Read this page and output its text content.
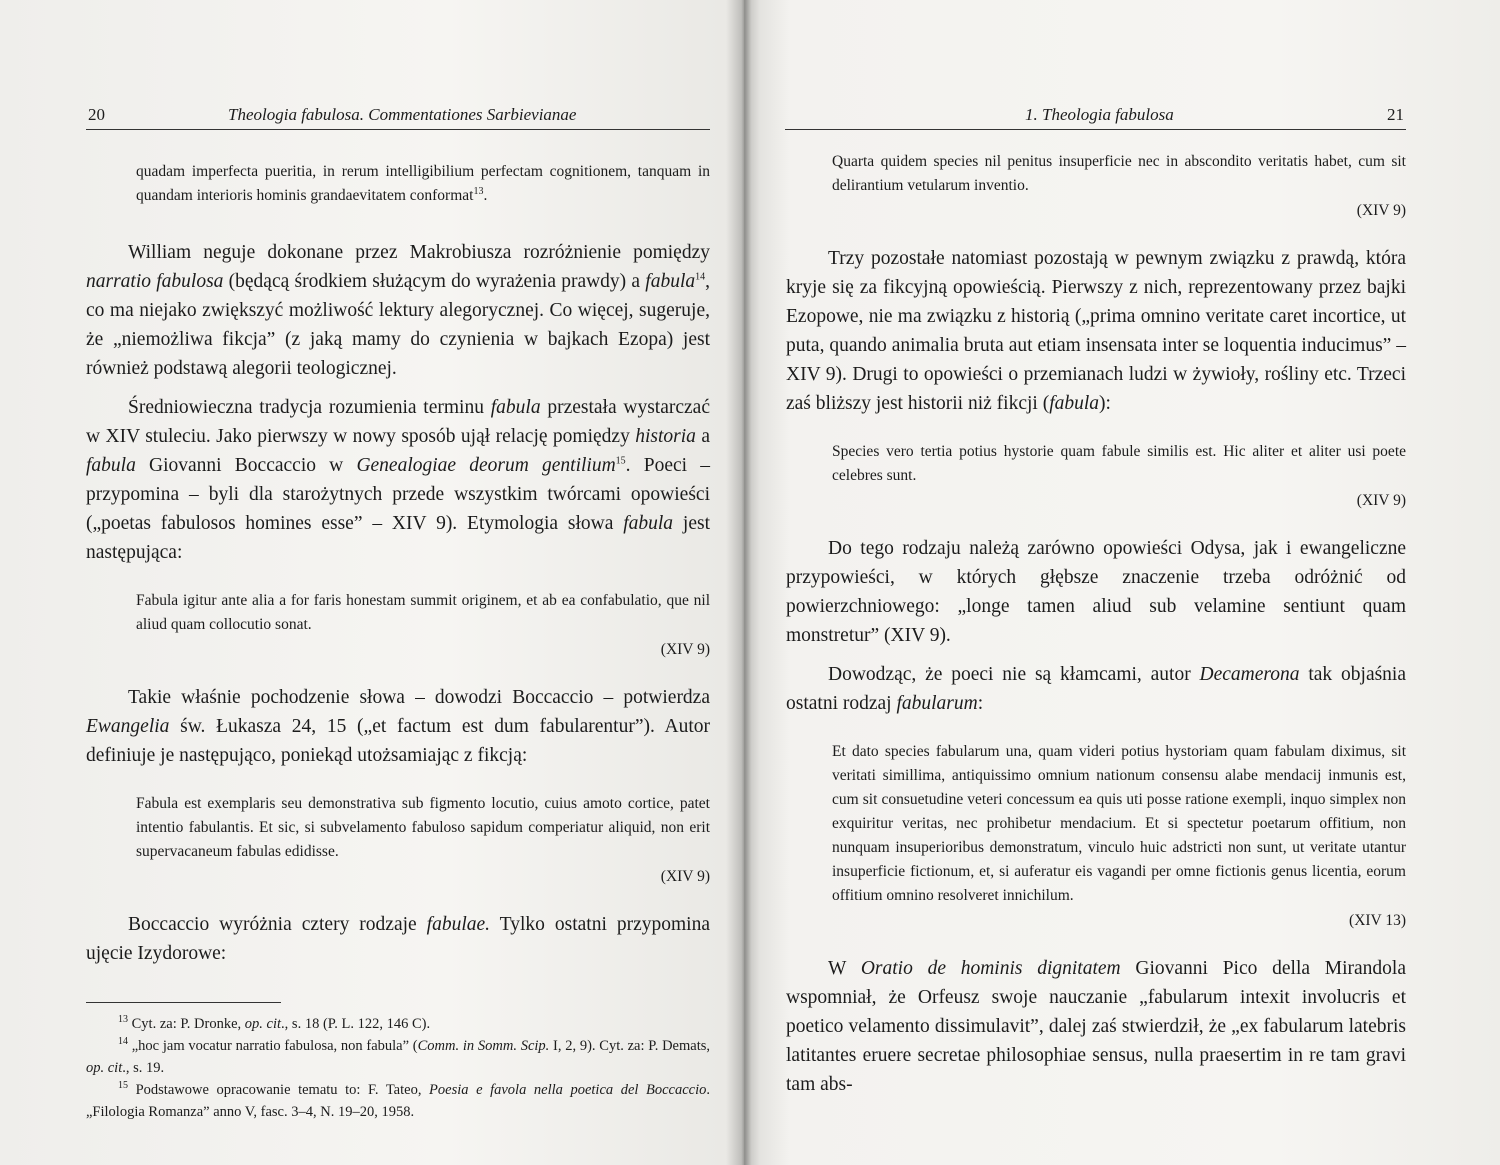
20	Theologia fabulosa. Commentationes Sarbievianae
quadam imperfecta pueritia, in rerum intelligibilium perfectam cognitionem, tanquam in quandam interioris hominis grandaevitatem conformat$^{13}$.

William neguje dokonane przez Makrobiusza rozróżnienie pomiędzy narratio fabulosa (będącą środkiem służącym do wyrażenia prawdy) a fabula$^{14}$, co ma niejako zwiększyć możliwość lektury alegorycznej. Co więcej, sugeruje, że „niemożliwa fikcja” (z jaką mamy do czynienia w bajkach Ezopa) jest również podstawą alegorii teologicznej.

Średniowieczna tradycja rozumienia terminu fabula przestała wystarczać w XIV stuleciu. Jako pierwszy w nowy sposób ujął relację pomiędzy historia a fabula Giovanni Boccaccio w Genealogiae deorum gentilium$^{15}$. Poeci – przypomina – byli dla starożytnych przede wszystkim twórcami opowieści („poetas fabulosos homines esse” – XIV 9). Etymologia słowa fabula jest następująca:

Fabula igitur ante alia a for faris honestam summit originem, et ab ea confabulatio, que nil aliud quam collocutio sonat.
(XIV 9)

Takie właśnie pochodzenie słowa – dowodzi Boccaccio – potwierdza Ewangelia św. Łukasza 24, 15 („et factum est dum fabularentur”). Autor definiuje je następująco, poniekąd utożsamiając z fikcją:

Fabula est exemplaris seu demonstrativa sub figmento locutio, cuius amoto cortice, patet intentio fabulantis. Et sic, si subvelamento fabuloso sapidum comperiatur aliquid, non erit supervacaneum fabulas edidisse.
(XIV 9)

Boccaccio wyróżnia cztery rodzaje fabulae. Tylko ostatni przypomina ujęcie Izydorowe:

$^{13}$ Cyt. za: P. Dronke, op. cit., s. 18 (P. L. 122, 146 C).
$^{14}$ „hoc jam vocatur narratio fabulosa, non fabula” (Comm. in Somm. Scip. I, 2, 9). Cyt. za: P. Demats, op. cit., s. 19.
$^{15}$ Podstawowe opracowanie tematu to: F. Tateo, Poesia e favola nella poetica del Boccaccio. „Filologia Romanza” anno V, fasc. 3–4, N. 19–20, 1958.
1. Theologia fabulosa	21
Quarta quidem species nil penitus insuperficie nec in abscondito veritatis habet, cum sit delirantium vetularum inventio.
(XIV 9)

Trzy pozostałe natomiast pozostają w pewnym związku z prawdą, która kryje się za fikcyjną opowieścią. Pierwszy z nich, reprezentowany przez bajki Ezopowe, nie ma związku z historią („prima omnino veritate caret incortice, ut puta, quando animalia bruta aut etiam insensata inter se loquentia inducimus” – XIV 9). Drugi to opowieści o przemianach ludzi w żywioły, rośliny etc. Trzeci zaś bliższy jest historii niż fikcji (fabula):

Species vero tertia potius hystorie quam fabule similis est. Hic aliter et aliter usi poete celebres sunt.
(XIV 9)

Do tego rodzaju należą zarówno opowieści Odysa, jak i ewangeliczne przypowieści, w których głębsze znaczenie trzeba odróżnić od powierzchniowego: „longe tamen aliud sub velamine sentiunt quam monstretur” (XIV 9).

Dowodząc, że poeci nie są kłamcami, autor Decamerona tak objaśnia ostatni rodzaj fabularum:

Et dato species fabularum una, quam videri potius hystoriam quam fabulam diximus, sit veritati simillima, antiquissimo omnium nationum consensu alabe mendacij inmunis est, cum sit consuetudine veteri concessum ea quis uti posse ratione exempli, inquo simplex non exquiritur veritas, nec prohibetur mendacium. Et si spectetur poetarum offitium, non nunquam insuperioribus demonstratum, vinculo huic adstricti non sunt, ut veritate utantur insuperficie fictionum, et, si auferatur eis vagandi per omne fictionis genus licentia, eorum offitium omnino resolveret innichilum.
(XIV 13)

W Oratio de hominis dignitatem Giovanni Pico della Mirandola wspomniał, że Orfeusz swoje nauczanie „fabularum intexit involucris et poetico velamento dissimulavit”, dalej zaś stwierdził, że „ex fabularum latebris latitantes eruere secretae philosophiae sensus, nulla praesertim in re tam gravi tam abs-
